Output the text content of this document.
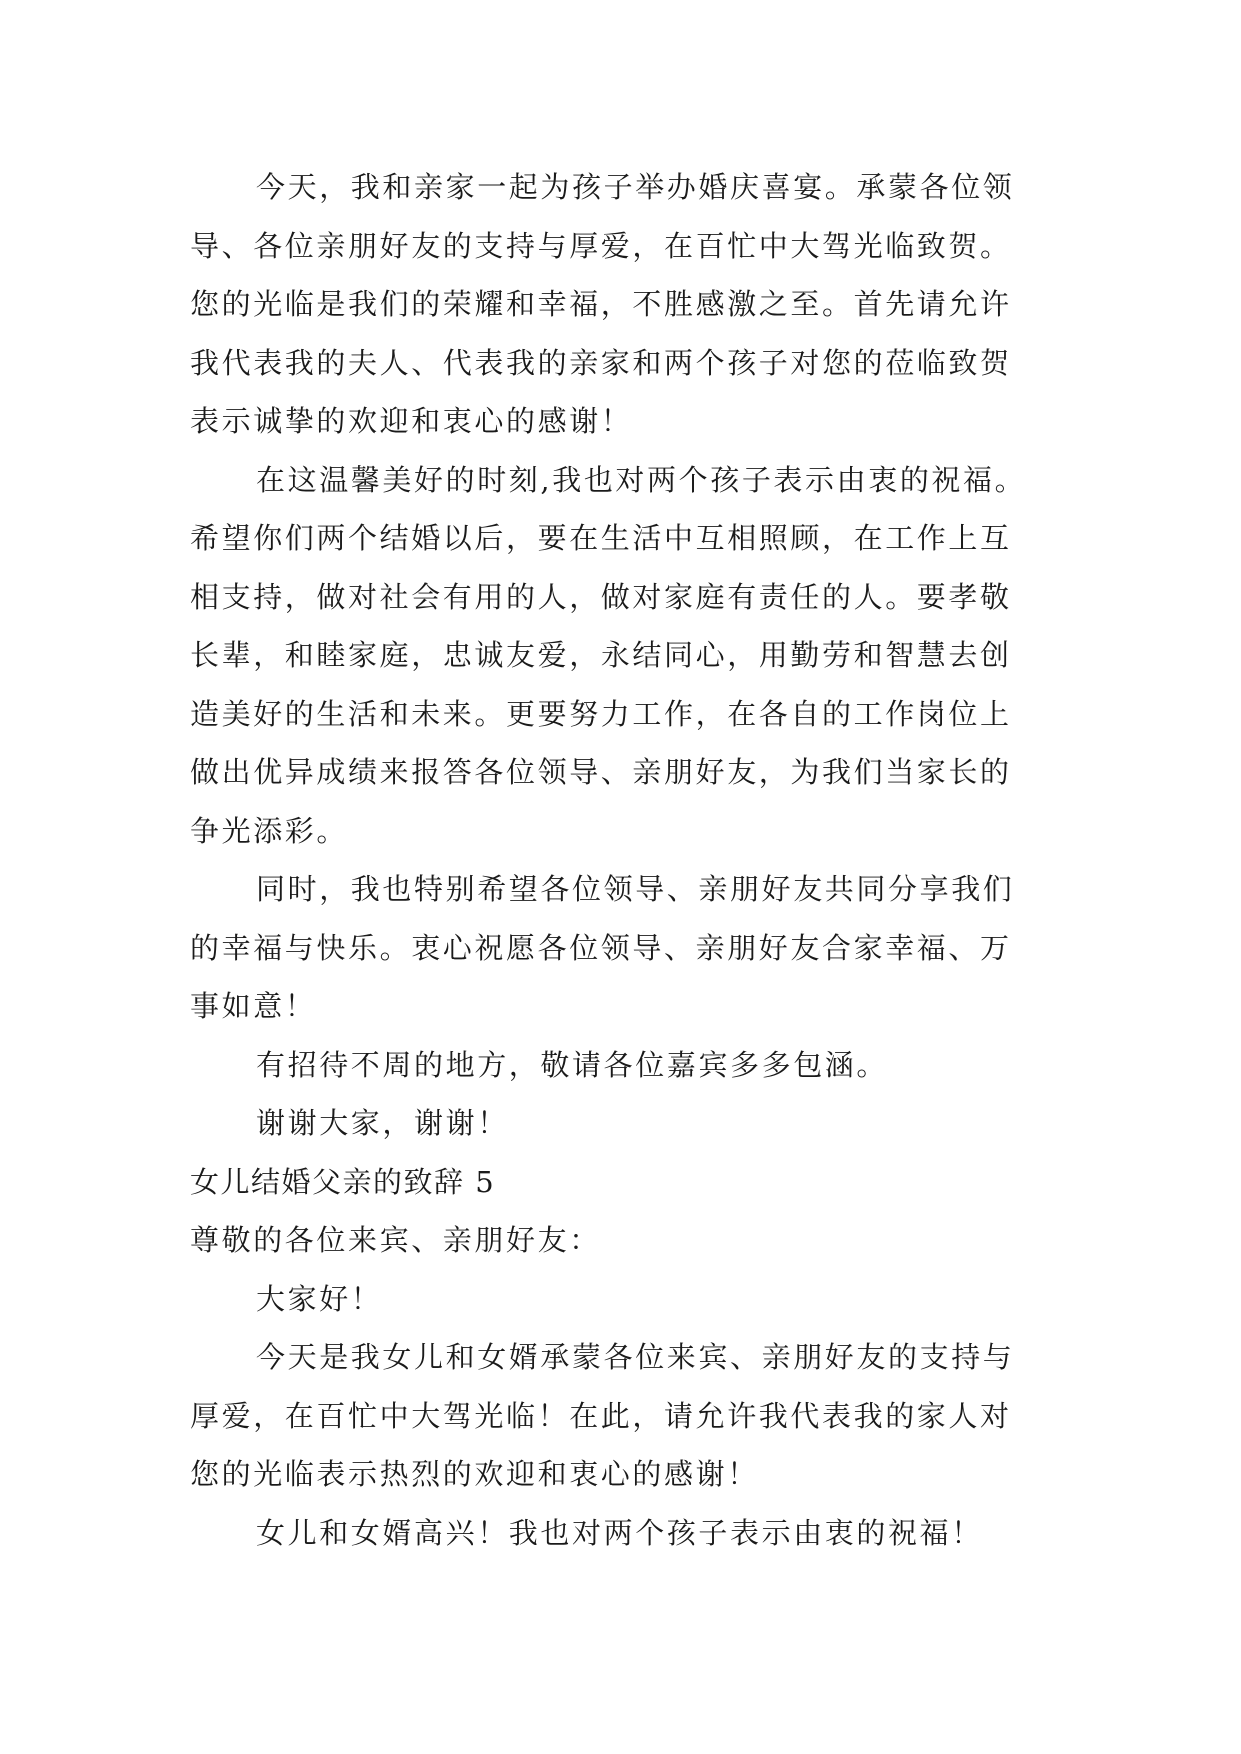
今天，我和亲家一起为孩子举办婚庆喜宴。承蒙各位领
导、各位亲朋好友的支持与厚爱，在百忙中大驾光临致贺。
您的光临是我们的荣耀和幸福，不胜感激之至。首先请允许
我代表我的夫人、代表我的亲家和两个孩子对您的莅临致贺
表示诚挚的欢迎和衷心的感谢！
在这温馨美好的时刻,我也对两个孩子表示由衷的祝福。
希望你们两个结婚以后，要在生活中互相照顾，在工作上互
相支持，做对社会有用的人，做对家庭有责任的人。要孝敬
长辈，和睦家庭，忠诚友爱，永结同心，用勤劳和智慧去创
造美好的生活和未来。更要努力工作，在各自的工作岗位上
做出优异成绩来报答各位领导、亲朋好友，为我们当家长的
争光添彩。
同时，我也特别希望各位领导、亲朋好友共同分享我们
的幸福与快乐。衷心祝愿各位领导、亲朋好友合家幸福、万
事如意！
有招待不周的地方，敬请各位嘉宾多多包涵。
谢谢大家，谢谢！
女儿结婚父亲的致辞 5
尊敬的各位来宾、亲朋好友：
大家好！
今天是我女儿和女婿承蒙各位来宾、亲朋好友的支持与
厚爱，在百忙中大驾光临！在此，请允许我代表我的家人对
您的光临表示热烈的欢迎和衷心的感谢！
女儿和女婿高兴！我也对两个孩子表示由衷的祝福！
